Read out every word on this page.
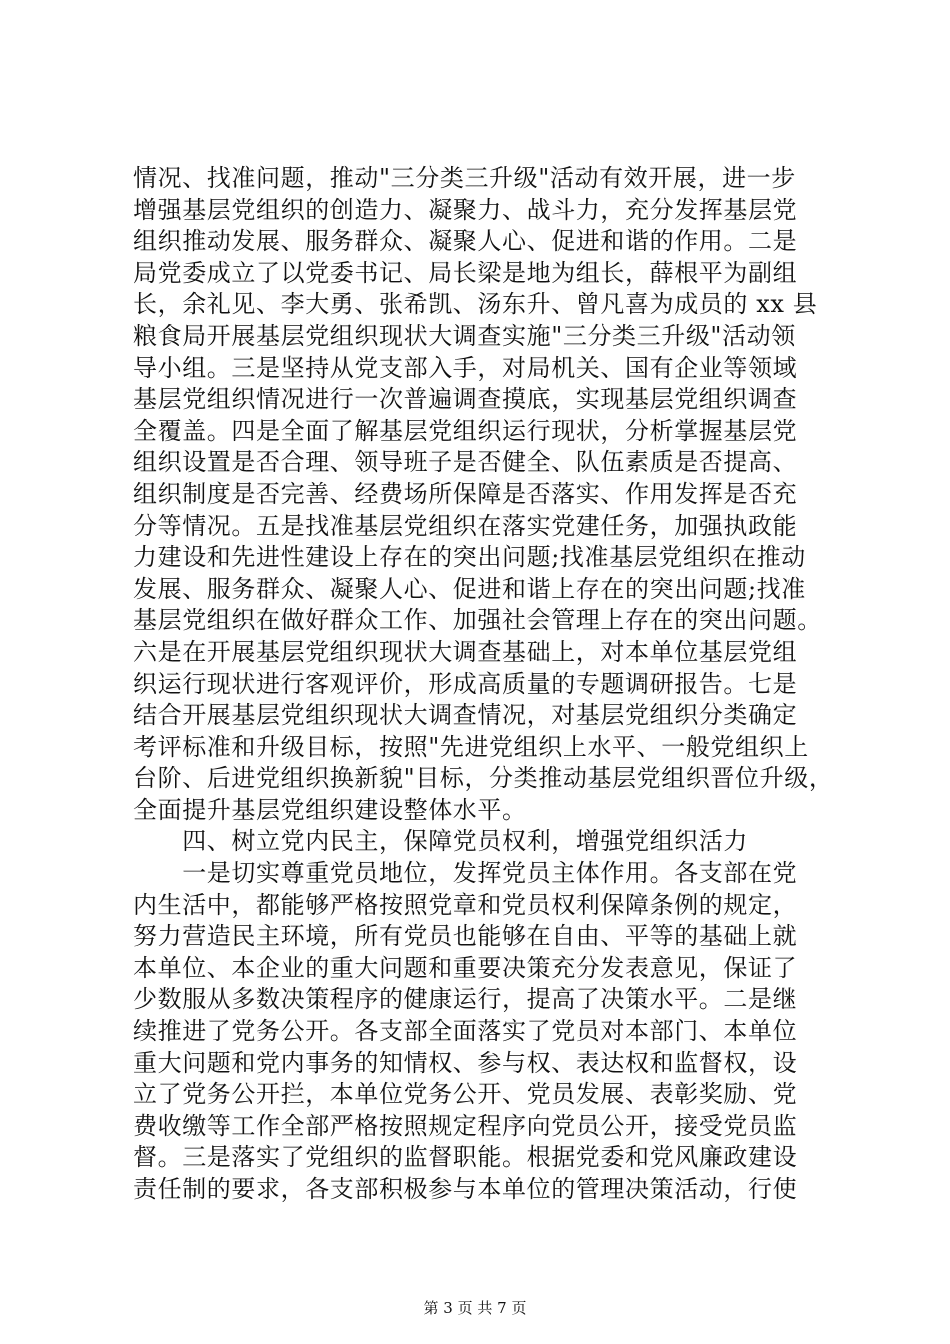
情况、找准问题，推动"三分类三升级"活动有效开展，进一步
增强基层党组织的创造力、凝聚力、战斗力，充分发挥基层党
组织推动发展、服务群众、凝聚人心、促进和谐的作用。二是
局党委成立了以党委书记、局长梁是地为组长，薛根平为副组
长，余礼见、李大勇、张希凯、汤东升、曾凡喜为成员的 xx 县
粮食局开展基层党组织现状大调查实施"三分类三升级"活动领
导小组。三是坚持从党支部入手，对局机关、国有企业等领域
基层党组织情况进行一次普遍调查摸底，实现基层党组织调查
全覆盖。四是全面了解基层党组织运行现状，分析掌握基层党
组织设置是否合理、领导班子是否健全、队伍素质是否提高、
组织制度是否完善、经费场所保障是否落实、作用发挥是否充
分等情况。五是找准基层党组织在落实党建任务，加强执政能
力建设和先进性建设上存在的突出问题;找准基层党组织在推动
发展、服务群众、凝聚人心、促进和谐上存在的突出问题;找准
基层党组织在做好群众工作、加强社会管理上存在的突出问题。
六是在开展基层党组织现状大调查基础上，对本单位基层党组
织运行现状进行客观评价，形成高质量的专题调研报告。七是
结合开展基层党组织现状大调查情况，对基层党组织分类确定
考评标准和升级目标，按照"先进党组织上水平、一般党组织上
台阶、后进党组织换新貌"目标，分类推动基层党组织晋位升级，
全面提升基层党组织建设整体水平。
　　四、树立党内民主，保障党员权利，增强党组织活力
　　一是切实尊重党员地位，发挥党员主体作用。各支部在党
内生活中，都能够严格按照党章和党员权利保障条例的规定，
努力营造民主环境，所有党员也能够在自由、平等的基础上就
本单位、本企业的重大问题和重要决策充分发表意见，保证了
少数服从多数决策程序的健康运行，提高了决策水平。二是继
续推进了党务公开。各支部全面落实了党员对本部门、本单位
重大问题和党内事务的知情权、参与权、表达权和监督权，设
立了党务公开拦，本单位党务公开、党员发展、表彰奖励、党
费收缴等工作全部严格按照规定程序向党员公开，接受党员监
督。三是落实了党组织的监督职能。根据党委和党风廉政建设
责任制的要求，各支部积极参与本单位的管理决策活动，行使
第 3 页 共 7 页
